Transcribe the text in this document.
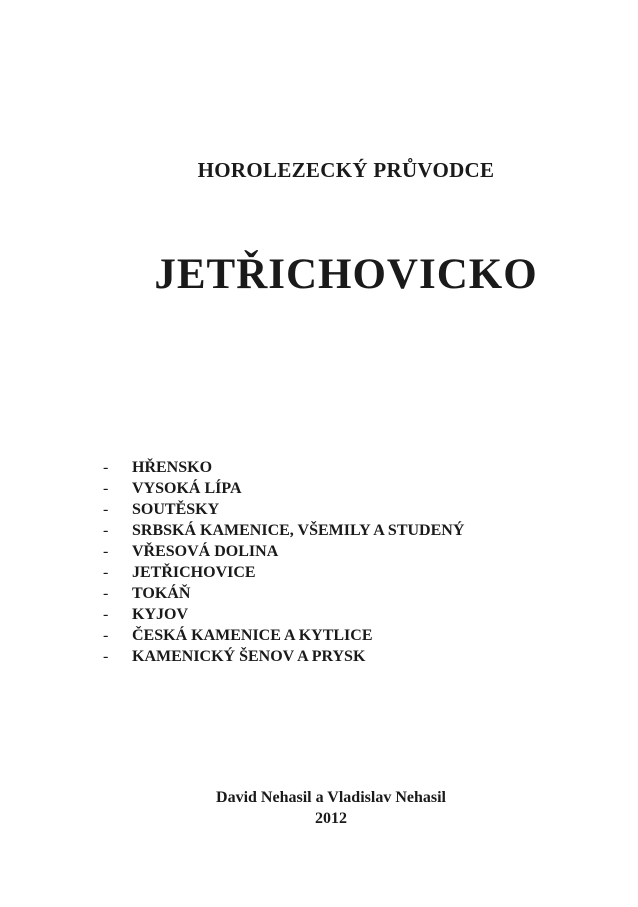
HOROLEZECKÝ PRŮVODCE
JETŘICHOVICKO
-	HŘENSKO
-	VYSOKÁ LÍPA
-	SOUTĚSKY
-	SRBSKÁ KAMENICE, VŠEMILY A STUDENÝ
-	VŘESOVÁ DOLINA
-	JETŘICHOVICE
-	TOKÁŇ
-	KYJOV
-	ČESKÁ KAMENICE A KYTLICE
-	KAMENICKÝ ŠENOV A PRYSK
David Nehasil a Vladislav Nehasil
2012
